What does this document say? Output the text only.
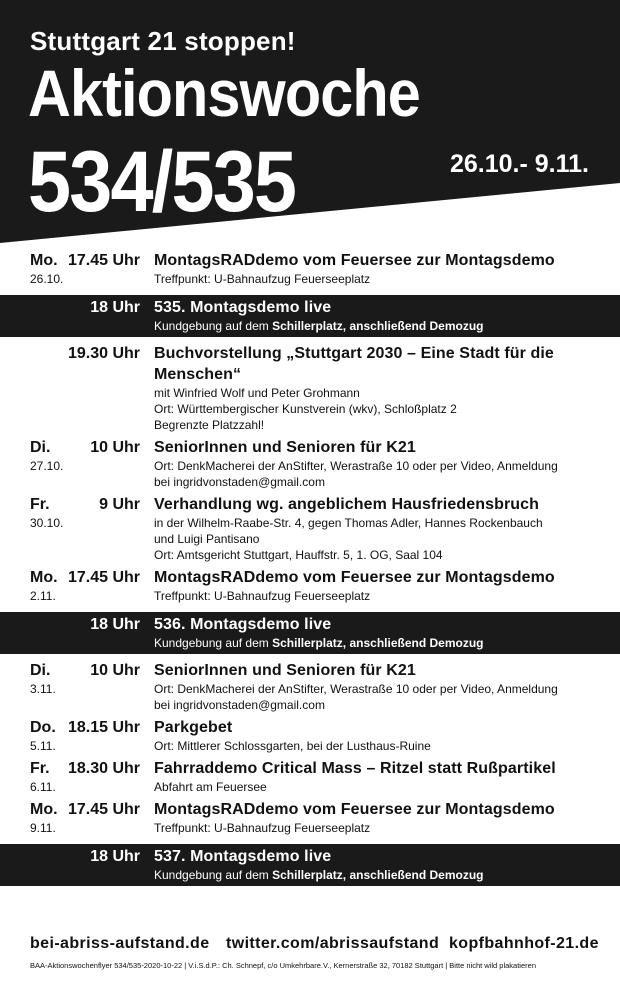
Stuttgart 21 stoppen!
Aktionswoche
534/535	26.10.- 9.11.
Mo. 17.45 Uhr
26.10.
MontagsRADdemo vom Feuersee zur Montagsdemo
Treffpunkt: U-Bahnaufzug Feuerseeplatz
18 Uhr 535. Montagsdemo live
Kundgebung auf dem Schillerplatz, anschließend Demozug
19.30 Uhr Buchvorstellung „Stuttgart 2030 – Eine Stadt für die Menschen“
mit Winfried Wolf und Peter Grohmann
Ort: Württembergischer Kunstverein (wkv), Schloßplatz 2
Begrenzte Platzzahl!
Di. 10 Uhr
27.10.
SeniorInnen und Senioren für K21
Ort: DenkMacherei der AnStifter, Werastraße 10 oder per Video, Anmeldung
bei ingridvonstaden@gmail.com
Fr.	9 Uhr
30.10.
Verhandlung wg. angeblichem Hausfriedensbruch
in der Wilhelm-Raabe-Str. 4, gegen Thomas Adler, Hannes Rockenbauch
und Luigi Pantisano
Ort: Amtsgericht Stuttgart, Hauffstr. 5, 1. OG, Saal 104
Mo. 17.45 Uhr
2.11.
MontagsRADdemo vom Feuersee zur Montagsdemo
Treffpunkt: U-Bahnaufzug Feuerseeplatz
18 Uhr 536. Montagsdemo live
Kundgebung auf dem Schillerplatz, anschließend Demozug
Di. 10 Uhr
3.11.
SeniorInnen und Senioren für K21
Ort: DenkMacherei der AnStifter, Werastraße 10 oder per Video, Anmeldung
bei ingridvonstaden@gmail.com
Do. 18.15 Uhr
5.11.
Parkgebet
Ort: Mittlerer Schlossgarten, bei der Lusthaus-Ruine
Fr. 18.30 Uhr
6.11.
Fahrraddemo Critical Mass – Ritzel statt Rußpartikel
Abfahrt am Feuersee
Mo. 17.45 Uhr
9.11.
MontagsRADdemo vom Feuersee zur Montagsdemo
Treffpunkt: U-Bahnaufzug Feuerseeplatz
18 Uhr 537. Montagsdemo live
Kundgebung auf dem Schillerplatz, anschließend Demozug
bei-abriss-aufstand.de twitter.com/abrissaufstand kopfbahnhof-21.de
BAA-Aktionswochenflyer 534/535-2020-10-22 | V.i.S.d.P.: Ch. Schnepf, c/o Umkehrbare.V., Kernerstraße 32, 70182 Stuttgart | Bitte nicht wild plakatieren
